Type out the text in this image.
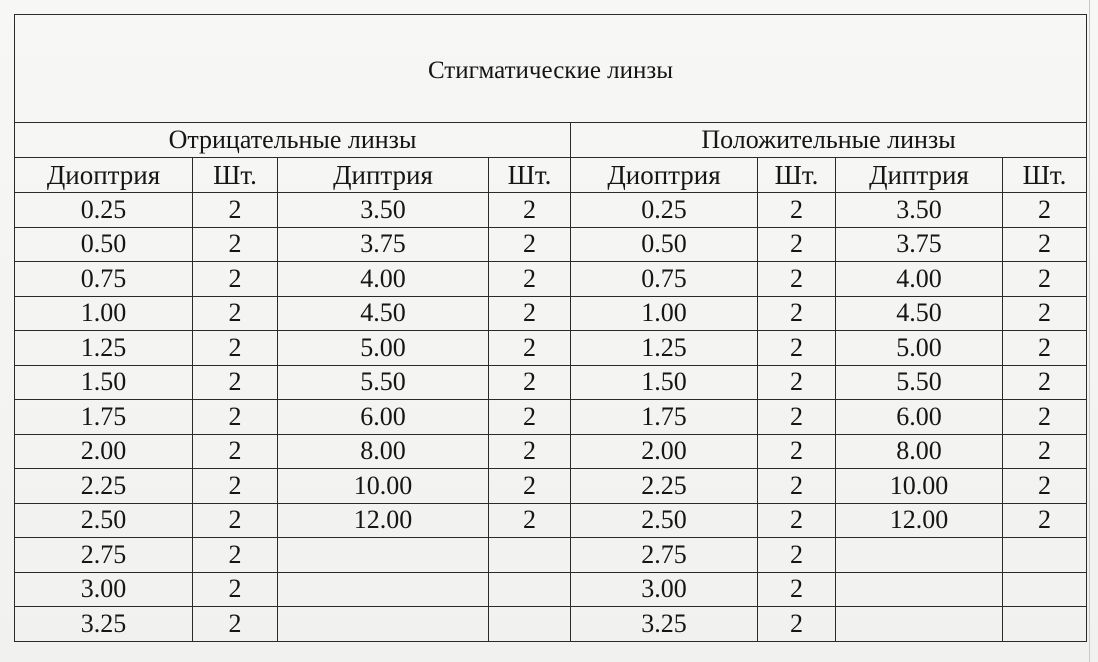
Стигматические линзы							
Отрицательные линзы				Положительные линзы			
Диоптрия	Шт.	Диптрия	Шт.	Диоптрия	Шт.	Диптрия	Шт.
0.25	2	3.50	2	0.25	2	3.50	2
0.50	2	3.75	2	0.50	2	3.75	2
0.75	2	4.00	2	0.75	2	4.00	2
1.00	2	4.50	2	1.00	2	4.50	2
1.25	2	5.00	2	1.25	2	5.00	2
1.50	2	5.50	2	1.50	2	5.50	2
1.75	2	6.00	2	1.75	2	6.00	2
2.00	2	8.00	2	2.00	2	8.00	2
2.25	2	10.00	2	2.25	2	10.00	2
2.50	2	12.00	2	2.50	2	12.00	2
2.75	2			2.75	2		
3.00	2			3.00	2		
3.25	2			3.25	2		
